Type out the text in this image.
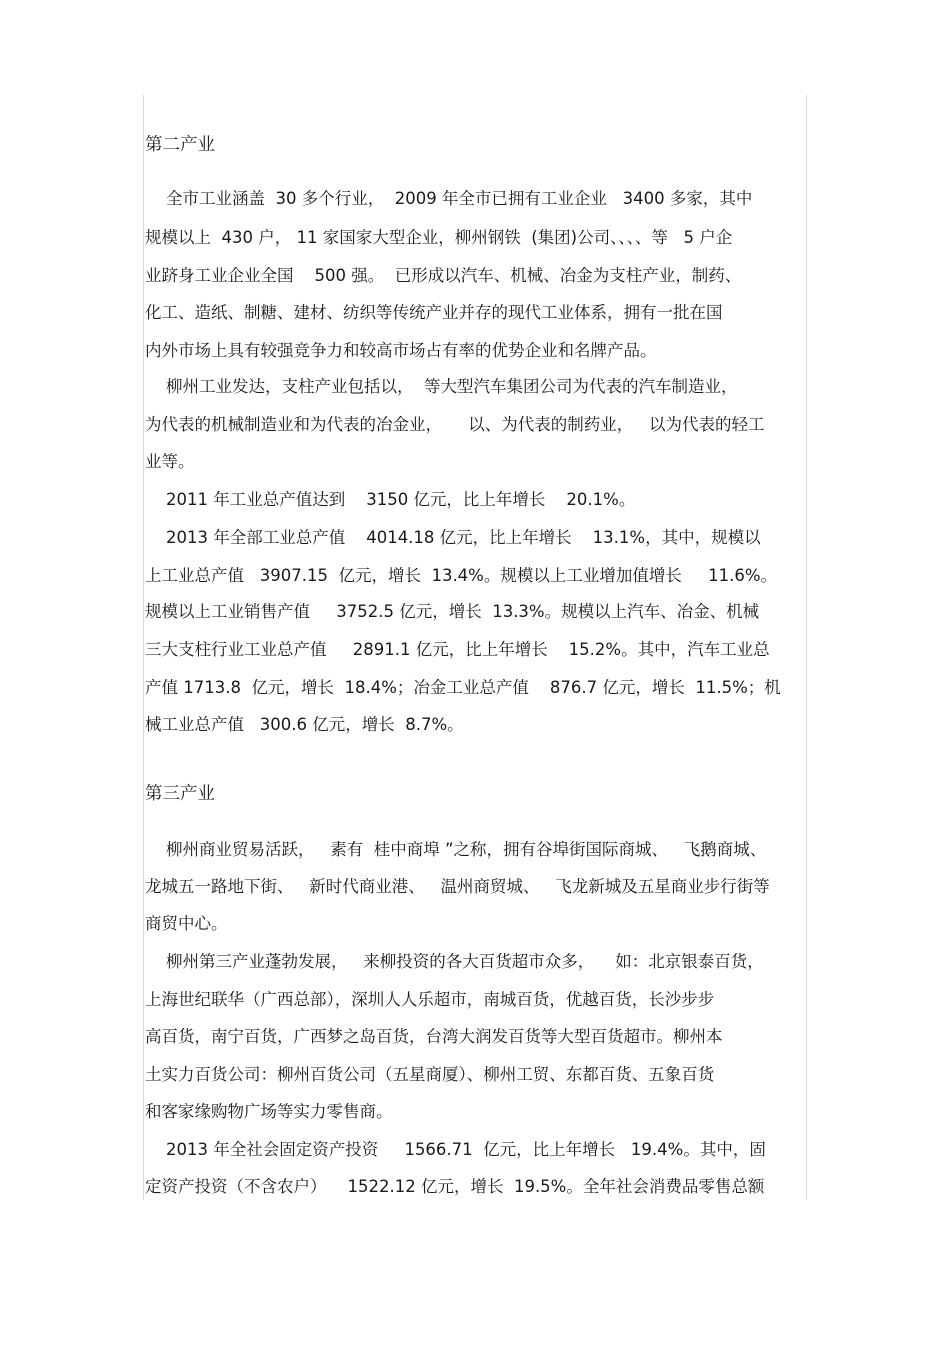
第二产业
全市工业涵盖  30 多个行业，  2009 年全市已拥有工业企业   3400 多家，其中
规模以上  430 户， 11 家国家大型企业，柳州钢铁  (集团)公司、、、、等   5 户企
业跻身工业企业全国    500 强。  已形成以汽车、机械、冶金为支柱产业，制药、
化工、造纸、制糖、建材、纺织等传统产业并存的现代工业体系，拥有一批在国
内外市场上具有较强竞争力和较高市场占有率的优势企业和名牌产品。
柳州工业发达，支柱产业包括以，  等大型汽车集团公司为代表的汽车制造业，
为代表的机械制造业和为代表的冶金业，     以、为代表的制药业，   以为代表的轻工
业等。
2011 年工业总产值达到    3150 亿元，比上年增长    20.1%。
2013 年全部工业总产值    4014.18 亿元，比上年增长    13.1%，其中，规模以
上工业总产值   3907.15  亿元，增长  13.4%。规模以上工业增加值增长     11.6%。
规模以上工业销售产值     3752.5 亿元，增长  13.3%。规模以上汽车、冶金、机械
三大支柱行业工业总产值     2891.1 亿元，比上年增长    15.2%。其中，汽车工业总
产值 1713.8  亿元，增长  18.4%；冶金工业总产值    876.7 亿元，增长  11.5%；机
械工业总产值   300.6 亿元，增长  8.7%。
第三产业
柳州商业贸易活跃，   素有  桂中商埠 ”之称，拥有谷埠街国际商城、   飞鹅商城、
龙城五一路地下街、   新时代商业港、   温州商贸城、   飞龙新城及五星商业步行街等
商贸中心。
柳州第三产业蓬勃发展，   来柳投资的各大百货超市众多，    如：北京银泰百货，
上海世纪联华（广西总部），深圳人人乐超市，南城百货，优越百货，长沙步步
高百货，南宁百货，广西梦之岛百货，台湾大润发百货等大型百货超市。柳州本
土实力百货公司：柳州百货公司（五星商厦）、柳州工贸、东都百货、五象百货
和客家缘购物广场等实力零售商。
2013 年全社会固定资产投资     1566.71  亿元，比上年增长   19.4%。其中，固
定资产投资（不含农户）    1522.12 亿元，增长  19.5%。全年社会消费品零售总额
